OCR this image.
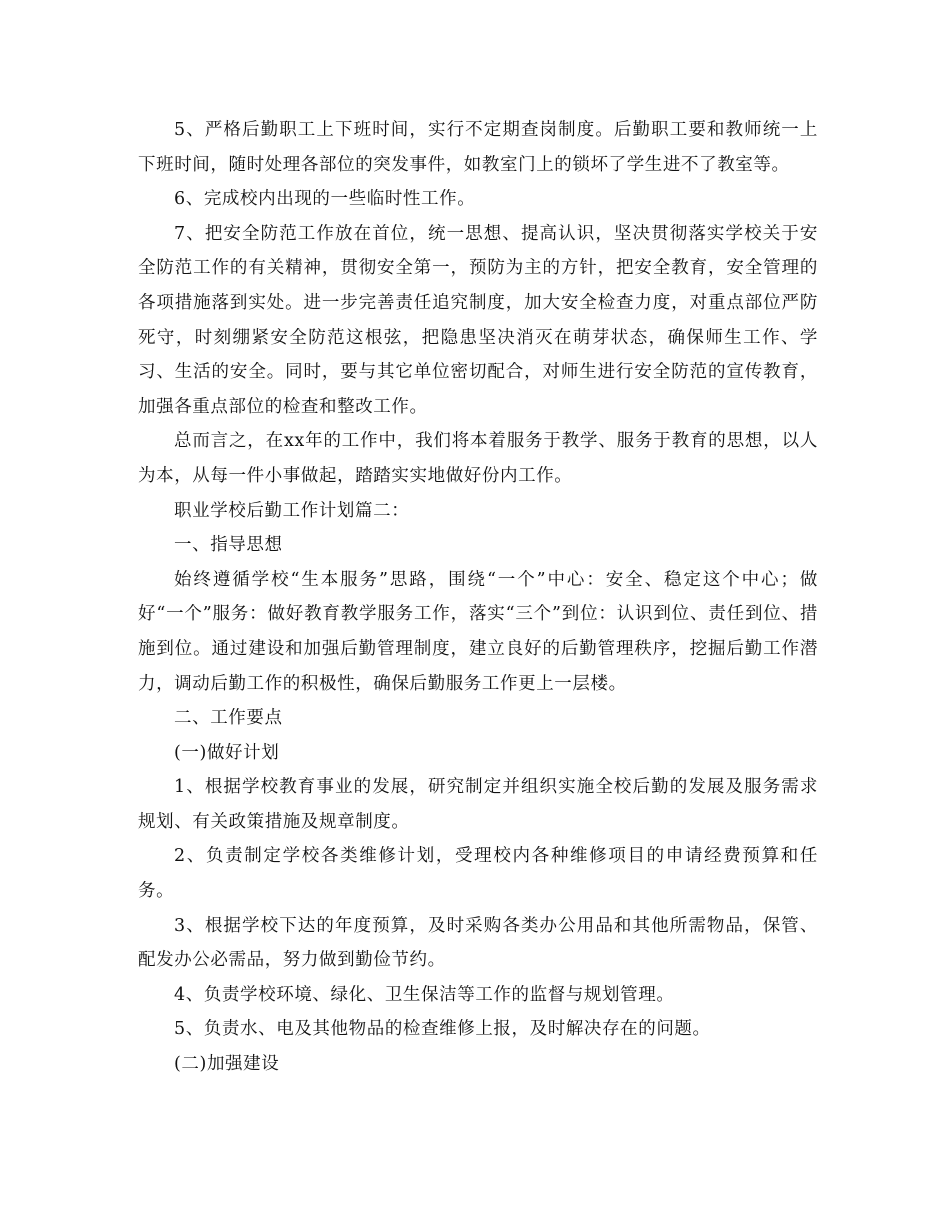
5、严格后勤职工上下班时间，实行不定期查岗制度。后勤职工要和教师统一上下班时间，随时处理各部位的突发事件，如教室门上的锁坏了学生进不了教室等。

6、完成校内出现的一些临时性工作。

7、把安全防范工作放在首位，统一思想、提高认识，坚决贯彻落实学校关于安全防范工作的有关精神，贯彻安全第一，预防为主的方针，把安全教育，安全管理的各项措施落到实处。进一步完善责任追究制度，加大安全检查力度，对重点部位严防死守，时刻绷紧安全防范这根弦，把隐患坚决消灭在萌芽状态，确保师生工作、学习、生活的安全。同时，要与其它单位密切配合，对师生进行安全防范的宣传教育，加强各重点部位的检查和整改工作。

总而言之，在xx年的工作中，我们将本着服务于教学、服务于教育的思想，以人为本，从每一件小事做起，踏踏实实地做好份内工作。

职业学校后勤工作计划篇二：

一、指导思想

始终遵循学校“生本服务”思路，围绕“一个”中心：安全、稳定这个中心；做好“一个”服务：做好教育教学服务工作，落实“三个”到位：认识到位、责任到位、措施到位。通过建设和加强后勤管理制度，建立良好的后勤管理秩序，挖掘后勤工作潜力，调动后勤工作的积极性，确保后勤服务工作更上一层楼。

二、工作要点

(一)做好计划

1、根据学校教育事业的发展，研究制定并组织实施全校后勤的发展及服务需求规划、有关政策措施及规章制度。

2、负责制定学校各类维修计划，受理校内各种维修项目的申请经费预算和任务。

3、根据学校下达的年度预算，及时采购各类办公用品和其他所需物品，保管、配发办公必需品，努力做到勤俭节约。

4、负责学校环境、绿化、卫生保洁等工作的监督与规划管理。

5、负责水、电及其他物品的检查维修上报，及时解决存在的问题。

(二)加强建设
